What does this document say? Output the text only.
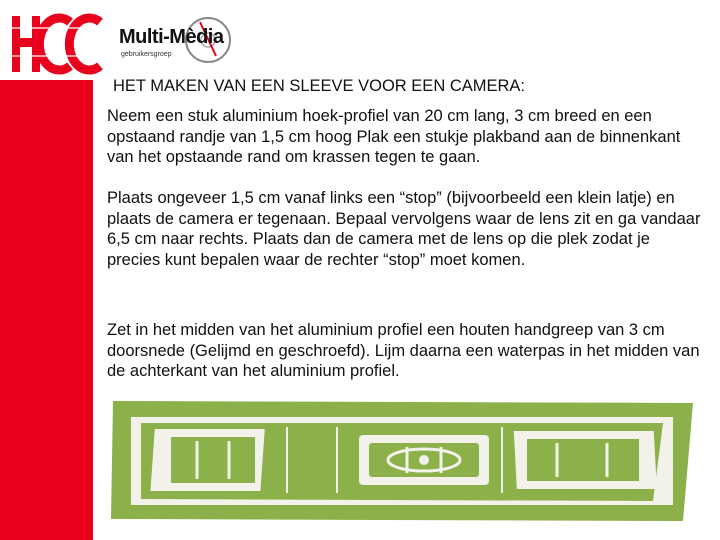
Multi-Mèdia
gebruikersgroep
HET MAKEN VAN EEN SLEEVE VOOR EEN CAMERA:

Neem een stuk aluminium hoek-profiel van 20 cm lang, 3 cm breed en een opstaand randje van 1,5 cm hoog Plak een stukje plakband aan de binnenkant van het opstaande rand om krassen tegen te gaan.

Plaats ongeveer 1,5 cm vanaf links een “stop” (bijvoorbeeld een klein latje) en plaats de camera er tegenaan. Bepaal vervolgens waar de lens zit en ga vandaar 6,5 cm naar rechts. Plaats dan de camera met de lens op die plek zodat je precies kunt bepalen waar de rechter “stop” moet komen.

Zet in het midden van het aluminium profiel een houten handgreep van 3 cm doorsnede (Gelijmd en geschroefd). Lijm daarna een waterpas in het midden van de achterkant van het aluminium profiel.
